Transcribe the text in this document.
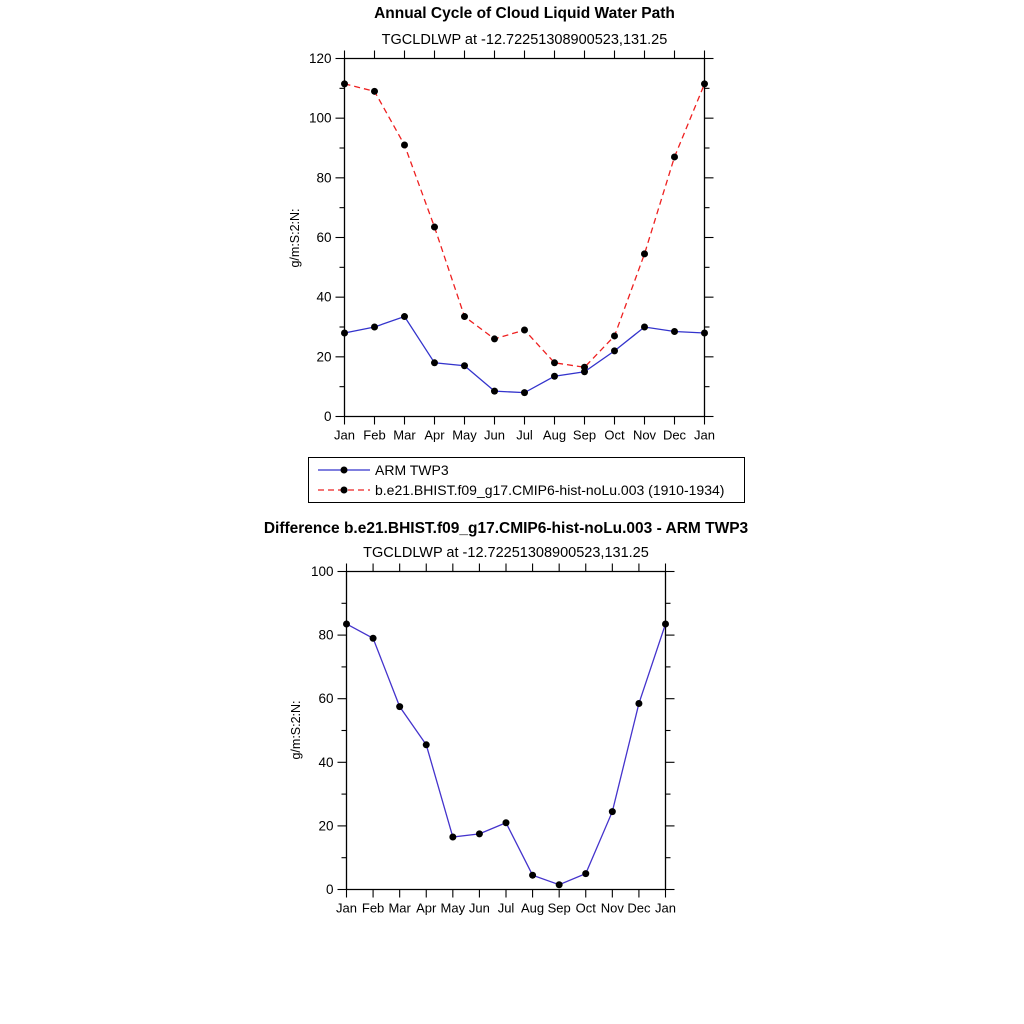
Annual Cycle of Cloud Liquid Water Path
TGCLDLWP at -12.72251308900523,131.25
g/m:S:2:N:
0
20
40
60
80
100
120
Jan Feb Mar Apr May Jun Jul Aug Sep Oct Nov Dec Jan
0
20
40
60
80
100
Jan Feb Mar Apr May Jun Jul Aug Sep Oct Nov Dec Jan
ARM TWP3
b.e21.BHIST.f09_g17.CMIP6-hist-noLu.003 (1910-1934)
Difference b.e21.BHIST.f09_g17.CMIP6-hist-noLu.003 - ARM TWP3
TGCLDLWP at -12.72251308900523,131.25
g/m:S:2:N:
